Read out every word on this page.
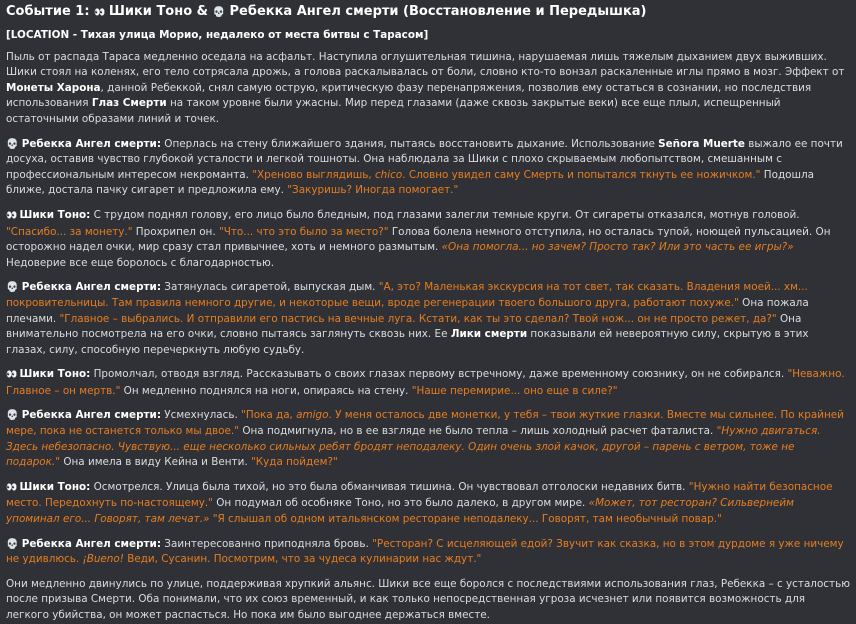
Событие 1: 👀 Шики Тоно & 💀 Ребекка Ангел смерти (Восстановление и Передышка)

[LOCATION - Тихая улица Морио, недалеко от места битвы с Тарасом]

Пыль от распада Тараса медленно оседала на асфальт. Наступила оглушительная тишина, нарушаемая лишь тяжелым дыханием двух выживших. Шики стоял на коленях, его тело сотрясала дрожь, а голова раскалывалась от боли, словно кто-то вонзал раскаленные иглы прямо в мозг. Эффект от Монеты Харона, данной Ребеккой, снял самую острую, критическую фазу перенапряжения, позволив ему остаться в сознании, но последствия использования Глаз Смерти на таком уровне были ужасны. Мир перед глазами (даже сквозь закрытые веки) все еще плыл, испещренный остаточными образами линий и точек.

💀 Ребекка Ангел смерти: Оперлась на стену ближайшего здания, пытаясь восстановить дыхание. Использование Señora Muerte выжало ее почти досуха, оставив чувство глубокой усталости и легкой тошноты. Она наблюдала за Шики с плохо скрываемым любопытством, смешанным с профессиональным интересом некроманта. "Хреново выглядишь, chico. Словно увидел саму Смерть и попытался ткнуть ее ножичком." Подошла ближе, достала пачку сигарет и предложила ему. "Закуришь? Иногда помогает."

👀 Шики Тоно: С трудом поднял голову, его лицо было бледным, под глазами залегли темные круги. От сигареты отказался, мотнув головой. "Спасибо... за монету." Прохрипел он. "Что... что это было за место?" Голова болела немного отступила, но осталась тупой, ноющей пульсацией. Он осторожно надел очки, мир сразу стал привычнее, хоть и немного размытым. «Она помогла... но зачем? Просто так? Или это часть ее игры?» Недоверие все еще боролось с благодарностью.

💀 Ребекка Ангел смерти: Затянулась сигаретой, выпуская дым. "А, это? Маленькая экскурсия на тот свет, так сказать. Владения моей... хм... покровительницы. Там правила немного другие, и некоторые вещи, вроде регенерации твоего большого друга, работают похуже." Она пожала плечами. "Главное – выбрались. И отправили его пастись на вечные луга. Кстати, как ты это сделал? Твой нож... он не просто режет, да?" Она внимательно посмотрела на его очки, словно пытаясь заглянуть сквозь них. Ее Лики смерти показывали ей невероятную силу, скрытую в этих глазах, силу, способную перечеркнуть любую судьбу.

👀 Шики Тоно: Промолчал, отводя взгляд. Рассказывать о своих глазах первому встречному, даже временному союзнику, он не собирался. "Неважно. Главное – он мертв." Он медленно поднялся на ноги, опираясь на стену. "Наше перемирие... оно еще в силе?"

💀 Ребекка Ангел смерти: Усмехнулась. "Пока да, amigo. У меня осталось две монетки, у тебя – твои жуткие глазки. Вместе мы сильнее. По крайней мере, пока не останется только мы двое." Она подмигнула, но в ее взгляде не было тепла – лишь холодный расчет фаталиста. "Нужно двигаться. Здесь небезопасно. Чувствую... еще несколько сильных ребят бродят неподалеку. Один очень злой качок, другой – парень с ветром, тоже не подарок." Она имела в виду Кейна и Венти. "Куда пойдем?"

👀 Шики Тоно: Осмотрелся. Улица была тихой, но это была обманчивая тишина. Он чувствовал отголоски недавних битв. "Нужно найти безопасное место. Передохнуть по-настоящему." Он подумал об особняке Тоно, но это было далеко, в другом мире. «Может, тот ресторан? Сильвернейм упоминал его... Говорят, там лечат.» "Я слышал об одном итальянском ресторане неподалеку... Говорят, там необычный повар."

💀 Ребекка Ангел смерти: Заинтересованно приподняла бровь. "Ресторан? С исцеляющей едой? Звучит как сказка, но в этом дурдоме я уже ничему не удивлюсь. ¡Bueno! Веди, Сусанин. Посмотрим, что за чудеса кулинарии нас ждут."

Они медленно двинулись по улице, поддерживая хрупкий альянс. Шики все еще боролся с последствиями использования глаз, Ребекка – с усталостью после призыва Смерти. Оба понимали, что их союз временный, и как только непосредственная угроза исчезнет или появится возможность для легкого убийства, он может распасться. Но пока им было выгоднее держаться вместе.
